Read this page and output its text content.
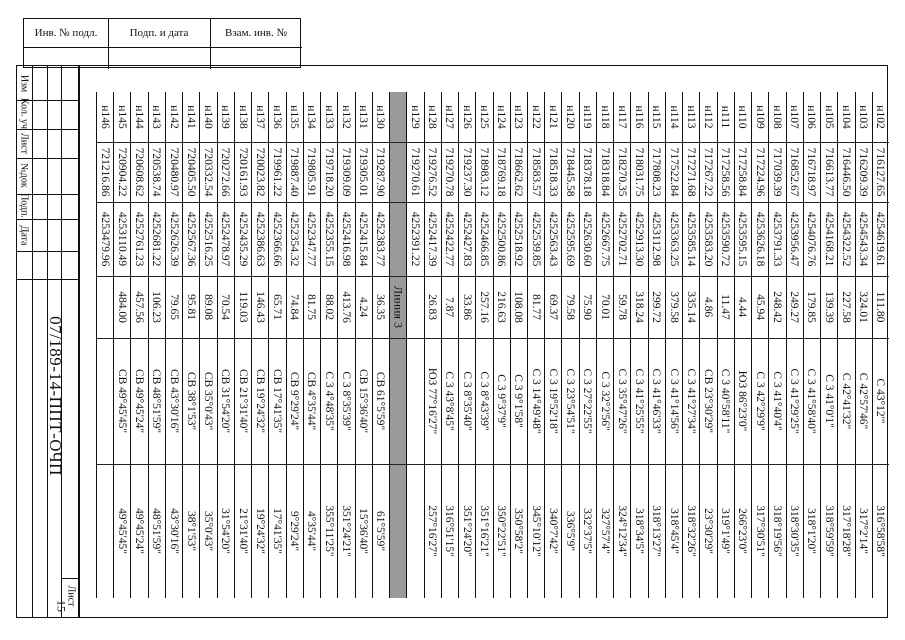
Инв. № подл.	Подп. и дата	Взам. инв. №
Изм
Кол. уч
Лист
№док
Подп.
Дата
07/189-14-ППТ-ОЧП
Лист
15
Линия 3
н102
716127.65
4254619.61
111.80
С 43°12'"
316°58'58"
н103
716209.39
4254543.34
324.01
С 42°57'46"
317°2'14"
н104
716446.50
4254322.52
227.58
С 42°41'32"
317°18'28"
н105
716613.77
4254168.21
139.39
С 3 41°0'1"
318°59'59"
н106
716718.97
4254076.76
179.85
С 3 41°58'40"
318°1'20"
н107
716852.67
4253956.47
249.27
С 3 41°29'25"
318°30'35"
н108
717039.39
4253791.33
248.42
С 3 41°40'4"
318°19'56"
н109
717224.96
4253626.18
45.94
С 3 42°29'9"
317°30'51"
н110
717258.84
4253595.15
4.44
ЮЗ 86°23'0"
266°23'0"
н111
717258.56
4253590.72
11.47
С 3 40°58'11"
319°1'49"
н112
717267.22
4253583.20
4.86
СВ 23°30'29"
23°30'29"
н113
717271.68
4253585.14
335.14
С 3 41°27'34"
318°32'26"
н114
717522.84
4253363.25
379.58
С 3 41°14'56"
318°45'4"
н115
717808.23
4253112.98
299.72
С 3 41°46'33"
318°13'27"
н116
718031.75
4252913.30
318.24
С 3 41°25'55"
318°34'5"
н117
718270.35
4252702.71
59.78
С 3 35°47'26"
324°12'34"
н118
718318.84
4252667.75
70.01
С 3 32°2'56"
327°57'4"
н119
718378.18
4252630.60
75.90
С 3 27°22'55"
332°37'5"
н120
718445.58
4252595.69
79.58
С 3 23°54'51"
336°5'9"
н121
718518.33
4252563.43
69.37
С 3 19°52'18"
340°7'42"
н122
718583.57
4252539.85
81.77
С 3 14°49'48"
345°10'12"
н123
718662.62
4252518.92
108.08
С 3 9°1'58"
350°58'2"
н124
718769.18
4252500.86
216.63
С 3 9°37'9"
350°22'51"
н125
718983.12
4252466.85
257.16
С 3 8°43'39"
351°16'21"
н126
719237.30
4252427.83
33.86
С 3 8°35'40"
351°24'20"
н127
719270.78
4252422.77
7.87
С 3 43°8'45"
316°51'15"
н128
719276.52
4252417.39
26.83
ЮЗ 77°16'27"
257°16'27"
н129
719270.61
4252391.22
н130
719287.90
4252383.77
36.35
СВ 61°5'59"
61°5'59"
н131
719305.01
4252415.84
4.24
СВ 15°36'40"
15°36'40"
н132
719309.09
4252416.98
413.76
С 3 8°35'39"
351°24'21"
н133
719718.20
4252355.15
88.02
С 3 4°48'35"
355°11'25"
н134
719805.91
4252347.77
81.75
СВ 4°35'44"
4°35'44"
н135
719887.40
4252354.32
74.84
СВ 9°29'24"
9°29'24"
н136
719961.22
4252366.66
65.71
СВ 17°41'35"
17°41'35"
н137
720023.82
4252386.63
146.43
СВ 19°24'32"
19°24'32"
н138
720161.93
4252435.29
119.03
СВ 21°31'40"
21°31'40"
н139
720272.66
4252478.97
70.54
СВ 31°54'20"
31°54'20"
н140
720332.54
4252516.25
89.08
СВ 35°0'43"
35°0'43"
н141
720405.50
4252567.36
95.81
СВ 38°1'53"
38°1'53"
н142
720480.97
4252626.39
79.65
СВ 43°30'16"
43°30'16"
н143
720538.74
4252681.22
106.23
СВ 48°51'59"
48°51'59"
н144
720608.62
4252761.23
457.56
СВ 49°45'24"
49°45'24"
н145
720904.22
4253110.49
484.00
СВ 49°45'45"
49°45'45"
н146
721216.86
4253479.96
